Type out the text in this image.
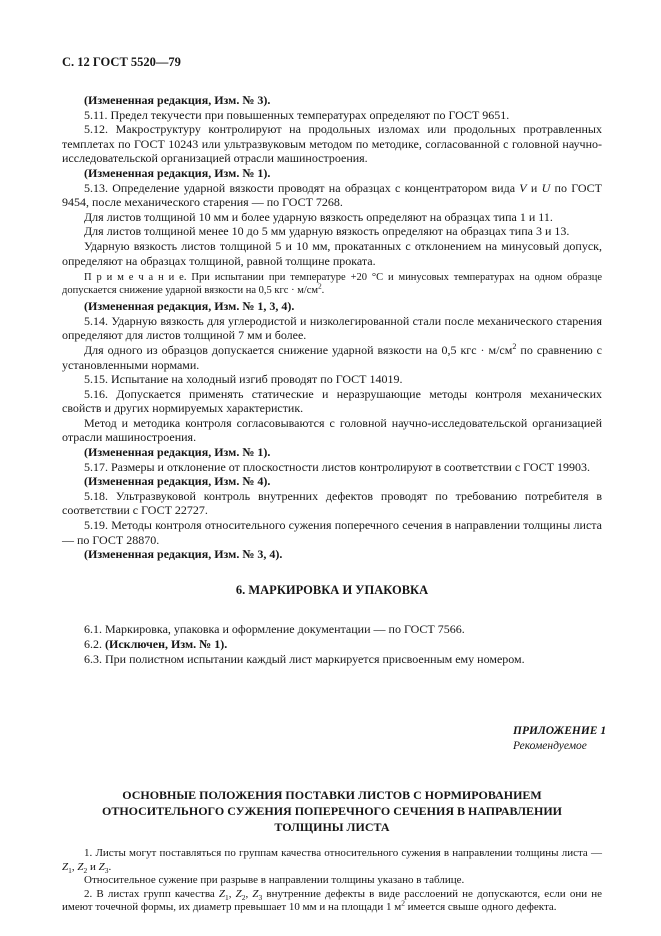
С. 12 ГОСТ 5520—79
(Измененная редакция, Изм. № 3).
5.11. Предел текучести при повышенных температурах определяют по ГОСТ 9651.
5.12. Макроструктуру контролируют на продольных изломах или продольных протравленных темплетах по ГОСТ 10243 или ультразвуковым методом по методике, согласованной с головной научно-исследовательской организацией отрасли машиностроения.
(Измененная редакция, Изм. № 1).
5.13. Определение ударной вязкости проводят на образцах с концентратором вида V и U по ГОСТ 9454, после механического старения — по ГОСТ 7268.
Для листов толщиной 10 мм и более ударную вязкость определяют на образцах типа 1 и 11.
Для листов толщиной менее 10 до 5 мм ударную вязкость определяют на образцах типа 3 и 13.
Ударную вязкость листов толщиной 5 и 10 мм, прокатанных с отклонением на минусовый допуск, определяют на образцах толщиной, равной толщине проката.
П р и м е ч а н и е. При испытании при температуре +20 °С и минусовых температурах на одном образце допускается снижение ударной вязкости на 0,5 кгс · $м/см^2$.
(Измененная редакция, Изм. № 1, 3, 4).
5.14. Ударную вязкость для углеродистой и низколегированной стали после механического старения определяют для листов толщиной 7 мм и более.
Для одного из образцов допускается снижение ударной вязкости на 0,5 кгс · $м/см^2$ по сравнению с установленными нормами.
5.15. Испытание на холодный изгиб проводят по ГОСТ 14019.
5.16. Допускается применять статические и неразрушающие методы контроля механических свойств и других нормируемых характеристик.
Метод и методика контроля согласовываются с головной научно-исследовательской организацией отрасли машиностроения.
(Измененная редакция, Изм. № 1).
5.17. Размеры и отклонение от плоскостности листов контролируют в соответствии с ГОСТ 19903.
(Измененная редакция, Изм. № 4).
5.18. Ультразвуковой контроль внутренних дефектов проводят по требованию потребителя в соответствии с ГОСТ 22727.
5.19. Методы контроля относительного сужения поперечного сечения в направлении толщины листа — по ГОСТ 28870.
(Измененная редакция, Изм. № 3, 4).
6. МАРКИРОВКА И УПАКОВКА
6.1. Маркировка, упаковка и оформление документации — по ГОСТ 7566.
6.2. (Исключен, Изм. № 1).
6.3. При полистном испытании каждый лист маркируется присвоенным ему номером.
ПРИЛОЖЕНИЕ 1
Рекомендуемое
ОСНОВНЫЕ ПОЛОЖЕНИЯ ПОСТАВКИ ЛИСТОВ С НОРМИРОВАНИЕМ ОТНОСИТЕЛЬНОГО СУЖЕНИЯ ПОПЕРЕЧНОГО СЕЧЕНИЯ В НАПРАВЛЕНИИ ТОЛЩИНЫ ЛИСТА
1. Листы могут поставляться по группам качества относительного сужения в направлении толщины листа — $Z_1$, $Z_2$ и $Z_3$.
Относительное сужение при разрыве в направлении толщины указано в таблице.
2. В листах групп качества $Z_1$, $Z_2$, $Z_3$ внутренние дефекты в виде расслоений не допускаются, если они не имеют точечной формы, их диаметр превышает 10 мм и на площади 1 $м^2$ имеется свыше одного дефекта.
